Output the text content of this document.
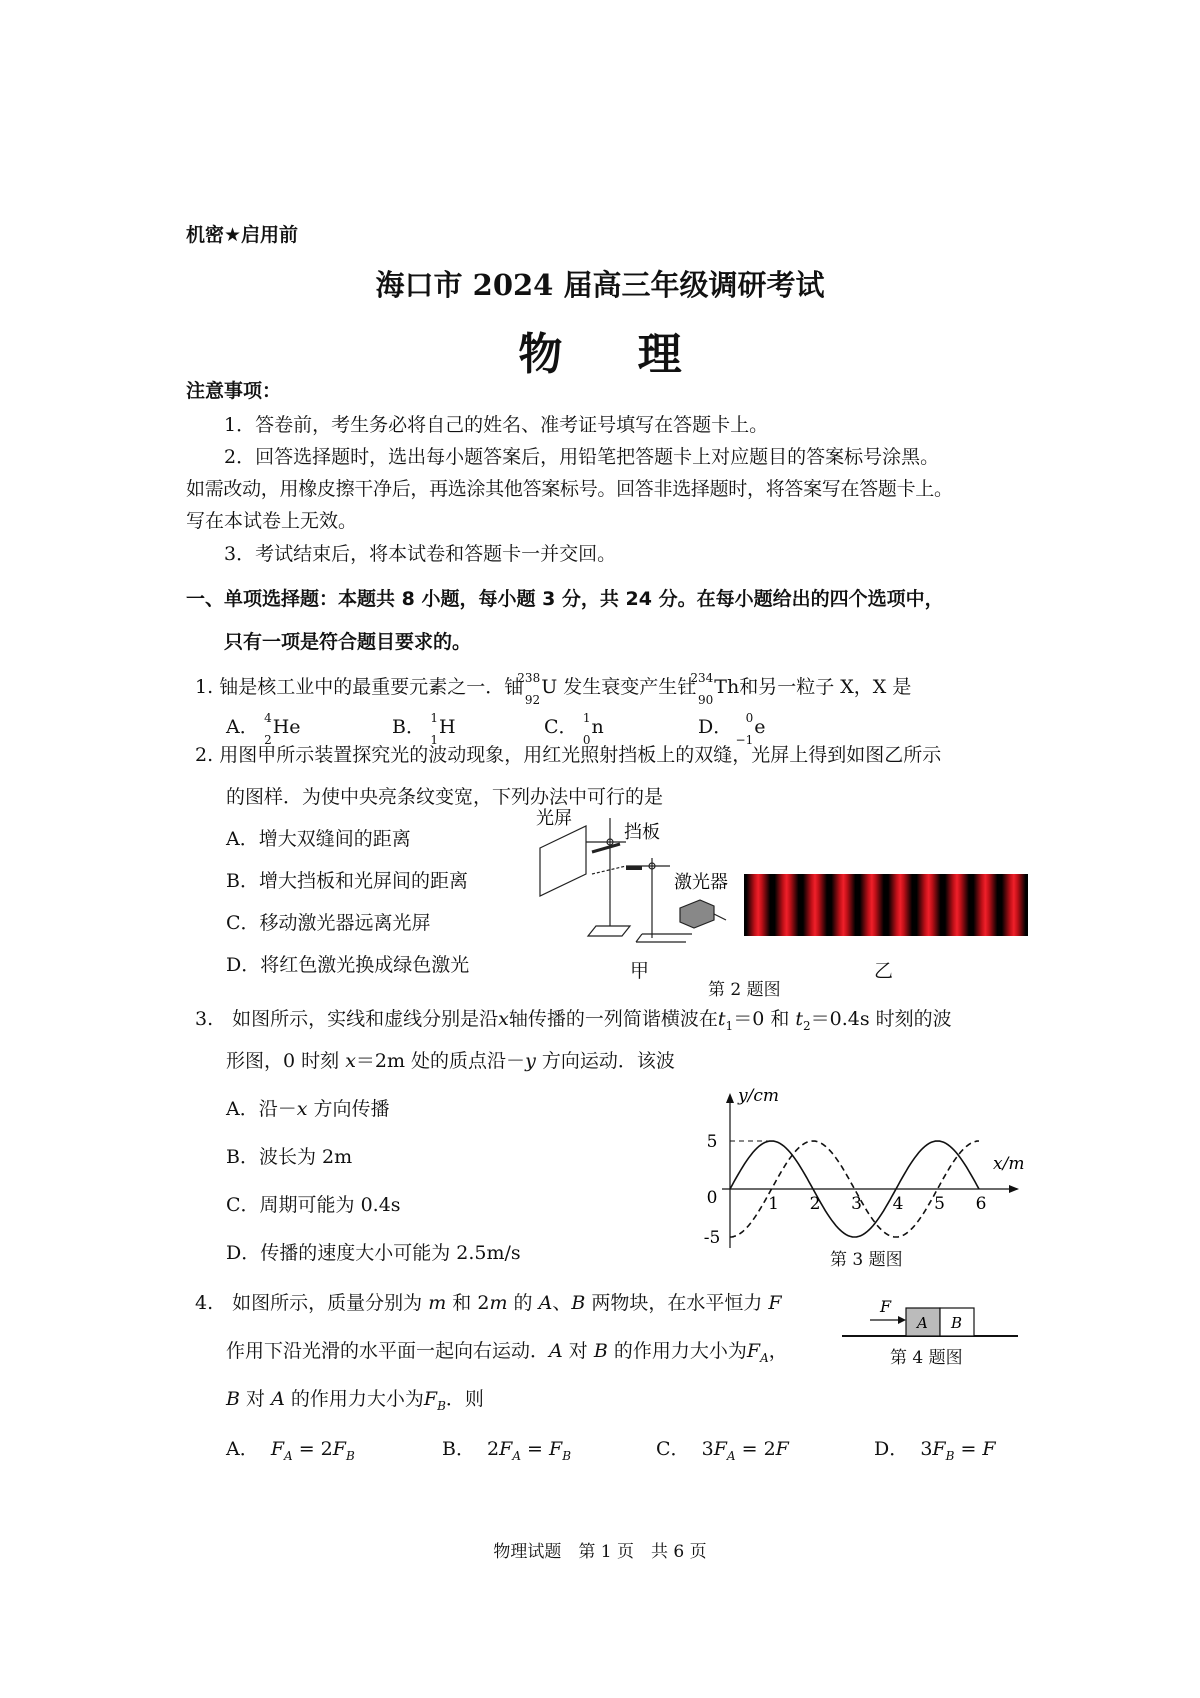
机密★启用前
海口市 2024 届高三年级调研考试
物 理
注意事项：
1．答卷前，考生务必将自己的姓名、准考证号填写在答题卡上。
2．回答选择题时，选出每小题答案后，用铅笔把答题卡上对应题目的答案标号涂黑。
如需改动，用橡皮擦干净后，再选涂其他答案标号。回答非选择题时，将答案写在答题卡上。
写在本试卷上无效。
3．考试结束后，将本试卷和答题卡一并交回。
一、单项选择题：本题共 8 小题，每小题 3 分，共 24 分。在每小题给出的四个选项中，
只有一项是符合题目要求的。
1. 铀是核工业中的最重要元素之一．铀
238
92
U 发生衰变产生钍
234
90
Th和另一粒子 X，X 是
A． 4
2
He	B． 1
1
H	C． 1
0
n	D． 0
−1
e
2. 用图甲所示装置探究光的波动现象，用红光照射挡板上的双缝，光屏上得到如图乙所示
的图样．为使中央亮条纹变宽，下列办法中可行的是
A．增大双缝间的距离
B．增大挡板和光屏间的距离
C．移动激光器远离光屏
D．将红色激光换成绿色激光
光屏
挡板
激光器
甲	乙
第 2 题图
3.　 如图所示，实线和虚线分别是沿x轴传播的一列简谐横波在$t_1=0$ 和 $t_2=0.4s$ 时刻的波
形图，0 时刻 x＝2m 处的质点沿－y 方向运动．该波
A．沿－x 方向传播
B．波长为 2m
C．周期可能为 0.4s
D．传播的速度大小可能为 2.5m/s
y/cm
x/m
5
0
-5
1 2 3 4 5 6
第 3 题图
4.　 如图所示，质量分别为 m 和 2m 的 A、B 两物块，在水平恒力 F
作用下沿光滑的水平面一起向右运动．A 对 B 的作用力大小为$F_A$，
B 对 A 的作用力大小为$F_B$．则
A． $F_A = 2F_B$	B．  $2F_A = F_B$	C．  $3F_A = 2F$	D．  $3F_B = F$
F
A B
第 4 题图
物理试题　第 1 页　共 6 页
